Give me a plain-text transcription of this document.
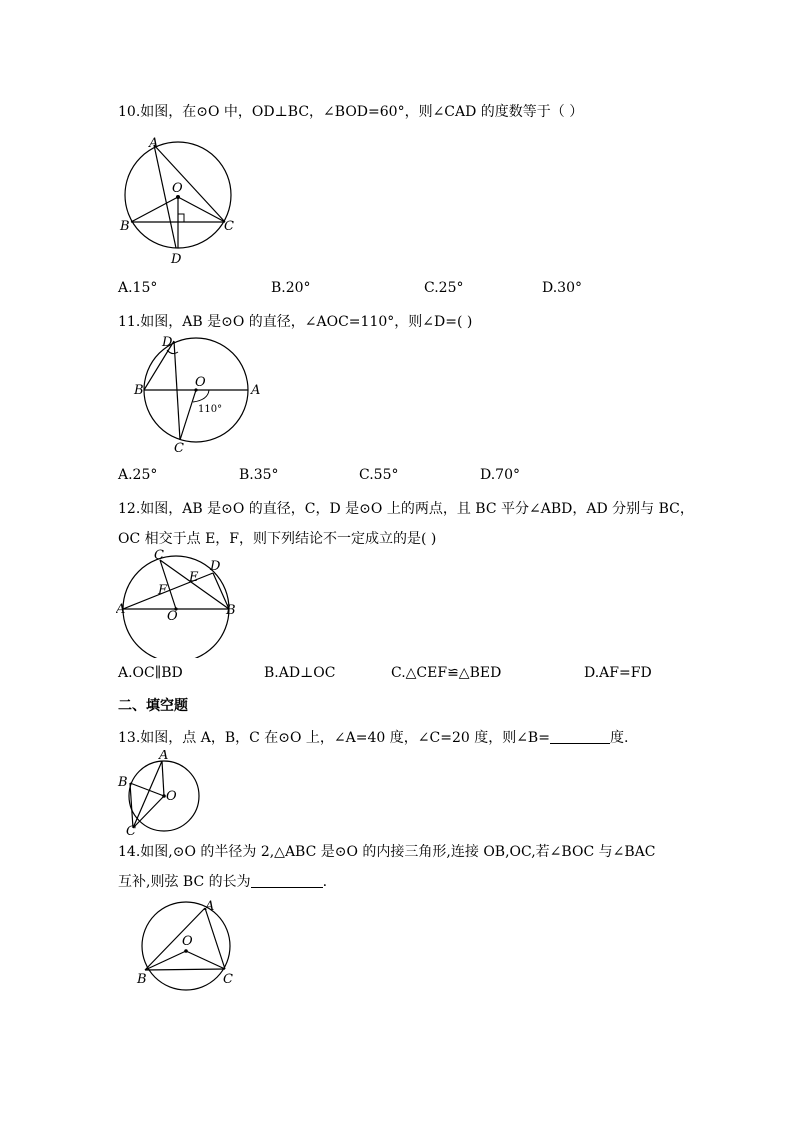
10.如图，在⊙O 中，OD⊥BC，∠BOD=60°，则∠CAD 的度数等于（ ）
A
O
B	C
D
A.15°	B.20°	C.25°	D.30°
11.如图，AB 是⊙O 的直径，∠AOC=110°，则∠D=( )
D
B
O
A
110°
C
A.25°	B.35°	C.55°	D.70°
12.如图，AB 是⊙O 的直径，C，D 是⊙O 上的两点，且 BC 平分∠ABD，AD 分别与 BC，
OC 相交于点 E，F，则下列结论不一定成立的是( )
C
D
E
F
A	O	B
A.OC∥BD	B.AD⊥OC	C.△CEF≌△BED	D.AF=FD
二、填空题
13.如图，点 A，B，C 在⊙O 上，∠A=40 度，∠C=20 度，则∠B=	度.
A
B
O
C
14.如图,⊙O 的半径为 2,△ABC 是⊙O 的内接三角形,连接 OB,OC,若∠BOC 与∠BAC
互补,则弦 BC 的长为	.
A
O
B	C
